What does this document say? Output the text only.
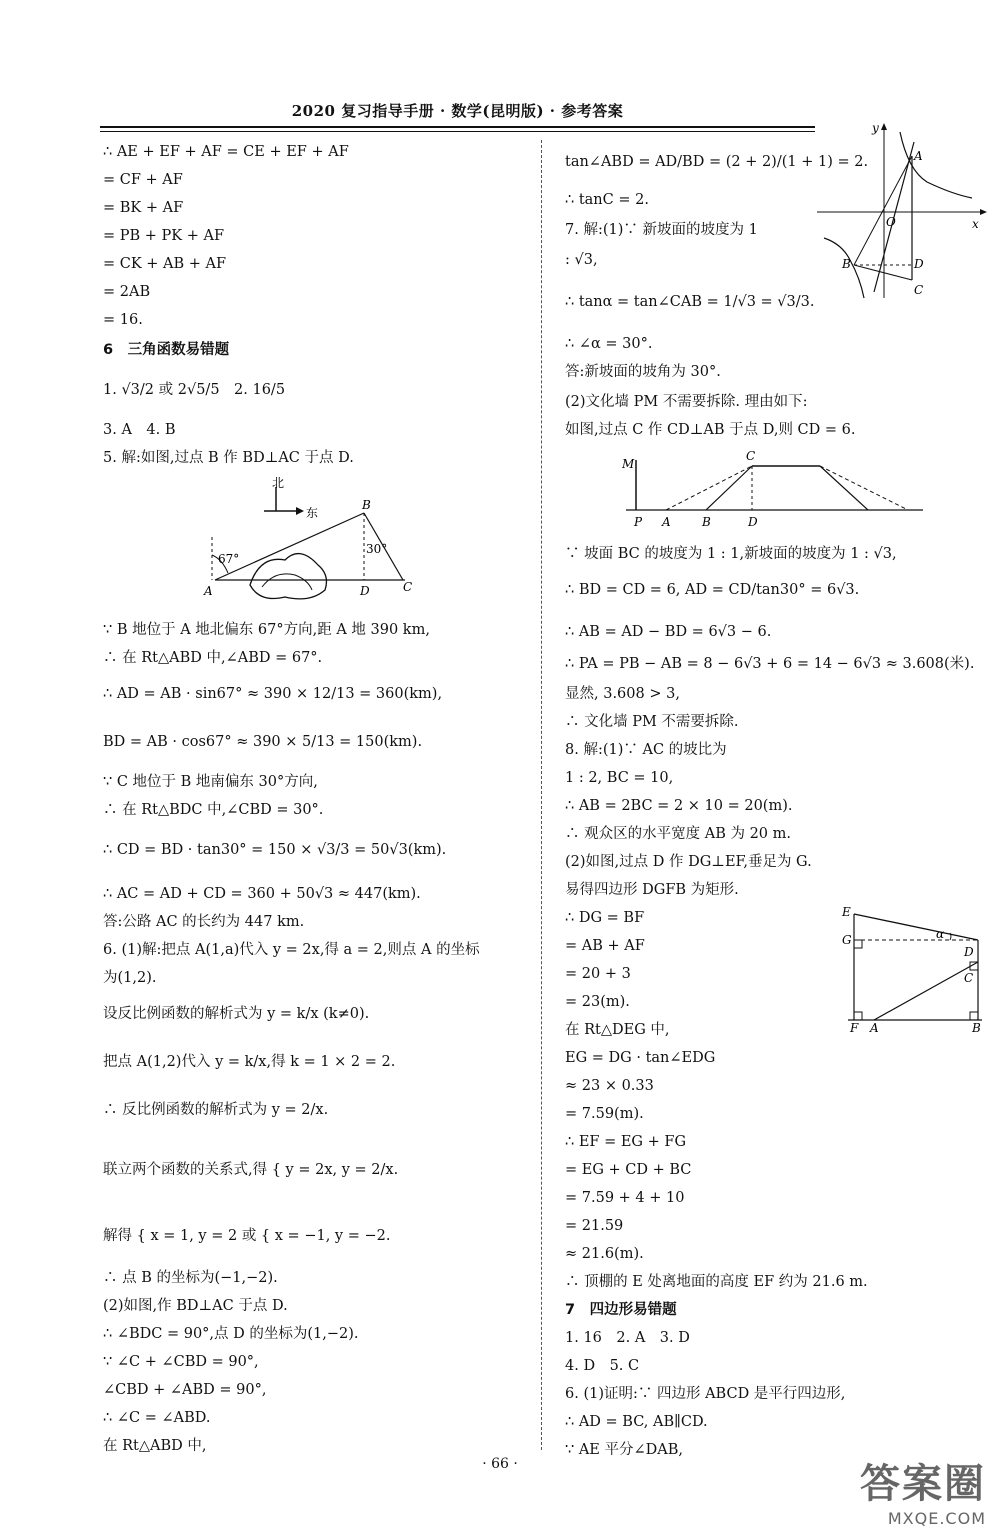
2020 复习指导手册 · 数学(昆明版) · 参考答案
∴ AE + EF + AF = CE + EF + AF
= CF + AF
= BK + AF
= PB + PK + AF
= CK + AB + AF
= 2AB
= 16.
6　三角函数易错题
1. √3/2 或 2√5/5　2. 16/5
3. A　4. B
5. 解:如图,过点 B 作 BD⊥AC 于点 D.
北
东
67°
30°
A
B
C
D
∵ B 地位于 A 地北偏东 67°方向,距 A 地 390 km,
∴ 在 Rt△ABD 中,∠ABD = 67°.
∴ AD = AB · sin67° ≈ 390 × 12/13 = 360(km),
BD = AB · cos67° ≈ 390 × 5/13 = 150(km).
∵ C 地位于 B 地南偏东 30°方向,
∴ 在 Rt△BDC 中,∠CBD = 30°.
∴ CD = BD · tan30° = 150 × √3/3 = 50√3(km).
∴ AC = AD + CD = 360 + 50√3 ≈ 447(km).
答:公路 AC 的长约为 447 km.
6. (1)解:把点 A(1,a)代入 y = 2x,得 a = 2,则点 A 的坐标
为(1,2).
设反比例函数的解析式为 y = k/x (k≠0).
把点 A(1,2)代入 y = k/x,得 k = 1 × 2 = 2.
∴ 反比例函数的解析式为 y = 2/x.
联立两个函数的关系式,得 { y = 2x, y = 2/x.
解得 { x = 1, y = 2 或 { x = −1, y = −2.
∴ 点 B 的坐标为(−1,−2).
(2)如图,作 BD⊥AC 于点 D.
∴ ∠BDC = 90°,点 D 的坐标为(1,−2).
∵ ∠C + ∠CBD = 90°,
∠CBD + ∠ABD = 90°,
∴ ∠C = ∠ABD.
在 Rt△ABD 中,
tan∠ABD = AD/BD = (2 + 2)/(1 + 1) = 2.
∴ tanC = 2.
7. 解:(1)∵ 新坡面的坡度为 1
: √3,
x
y
O
A
B	D
C
∴ tanα = tan∠CAB = 1/√3 = √3/3.
∴ ∠α = 30°.
答:新坡面的坡角为 30°.
(2)文化墙 PM 不需要拆除. 理由如下:
如图,过点 C 作 CD⊥AB 于点 D,则 CD = 6.
M
P A	B
C
D
∵ 坡面 BC 的坡度为 1 : 1,新坡面的坡度为 1 : √3,
∴ BD = CD = 6, AD = CD/tan30° = 6√3.
∴ AB = AD − BD = 6√3 − 6.
∴ PA = PB − AB = 8 − 6√3 + 6 = 14 − 6√3 ≈ 3.608(米).
显然, 3.608 > 3,
∴ 文化墙 PM 不需要拆除.
8. 解:(1)∵ AC 的坡比为
1 : 2, BC = 10,
∴ AB = 2BC = 2 × 10 = 20(m).
∴ 观众区的水平宽度 AB 为 20 m.
(2)如图,过点 D 作 DG⊥EF,垂足为 G.
易得四边形 DGFB 为矩形.
∴ DG = BF
= AB + AF
= 20 + 3
= 23(m).
在 Rt△DEG 中,
EG = DG · tan∠EDG
≈ 23 × 0.33
= 7.59(m).
∴ EF = EG + FG
= EG + CD + BC
= 7.59 + 4 + 10
= 21.59
≈ 21.6(m).
∴ 顶棚的 E 处离地面的高度 EF 约为 21.6 m.
7　四边形易错题
1. 16　2. A　3. D
4. D　5. C
6. (1)证明:∵ 四边形 ABCD 是平行四边形,
∴ AD = BC, AB∥CD.
∵ AE 平分∠DAB,
E
G	α
D
C
F A	B
· 66 ·	答案圈
MXQE.COM
